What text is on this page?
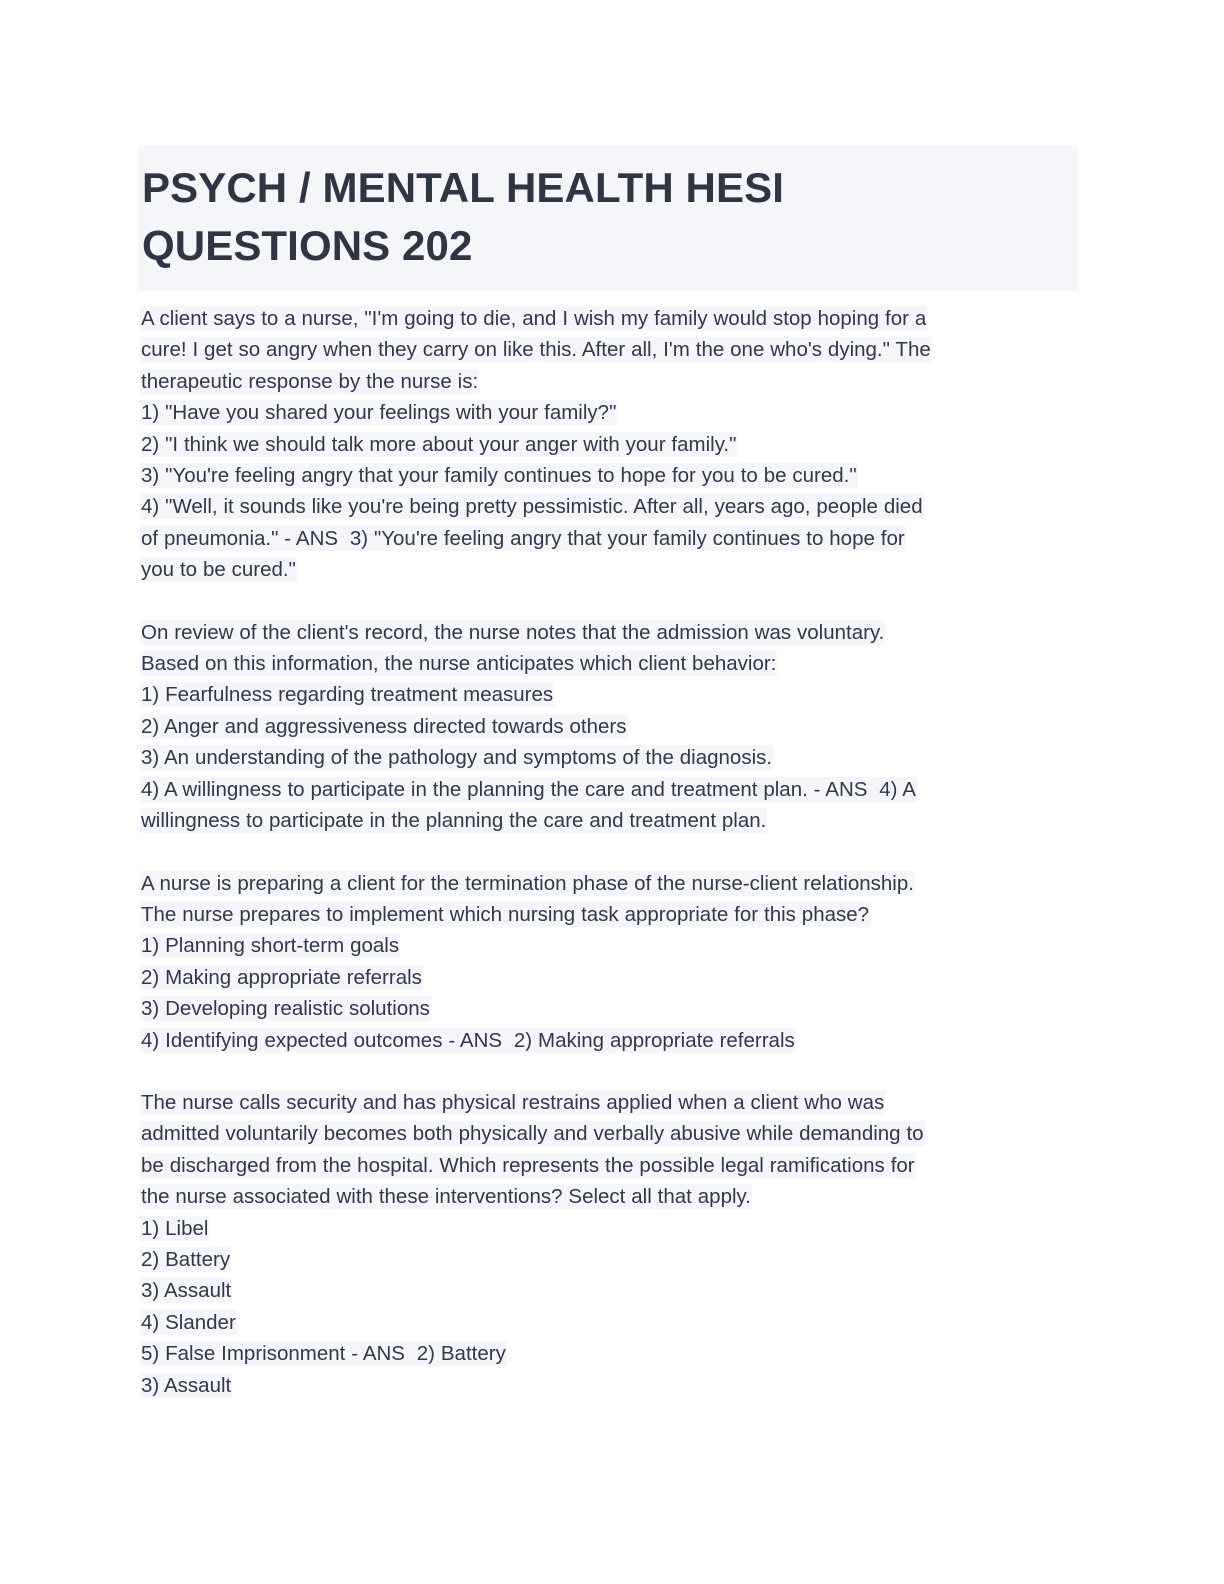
PSYCH / MENTAL HEALTH HESI
QUESTIONS 202
A client says to a nurse, "I'm going to die, and I wish my family would stop hoping for a
cure! I get so angry when they carry on like this. After all, I'm the one who's dying." The
therapeutic response by the nurse is:
1) "Have you shared your feelings with your family?"
2) "I think we should talk more about your anger with your family."
3) "You're feeling angry that your family continues to hope for you to be cured."
4) "Well, it sounds like you're being pretty pessimistic. After all, years ago, people died
of pneumonia." - ANS  3) "You're feeling angry that your family continues to hope for
you to be cured."
On review of the client's record, the nurse notes that the admission was voluntary.
Based on this information, the nurse anticipates which client behavior:
1) Fearfulness regarding treatment measures
2) Anger and aggressiveness directed towards others
3) An understanding of the pathology and symptoms of the diagnosis.
4) A willingness to participate in the planning the care and treatment plan. - ANS  4) A
willingness to participate in the planning the care and treatment plan.
A nurse is preparing a client for the termination phase of the nurse-client relationship.
The nurse prepares to implement which nursing task appropriate for this phase?
1) Planning short-term goals
2) Making appropriate referrals
3) Developing realistic solutions
4) Identifying expected outcomes - ANS  2) Making appropriate referrals
The nurse calls security and has physical restrains applied when a client who was
admitted voluntarily becomes both physically and verbally abusive while demanding to
be discharged from the hospital. Which represents the possible legal ramifications for
the nurse associated with these interventions? Select all that apply.
1) Libel
2) Battery
3) Assault
4) Slander
5) False Imprisonment - ANS  2) Battery
3) Assault
